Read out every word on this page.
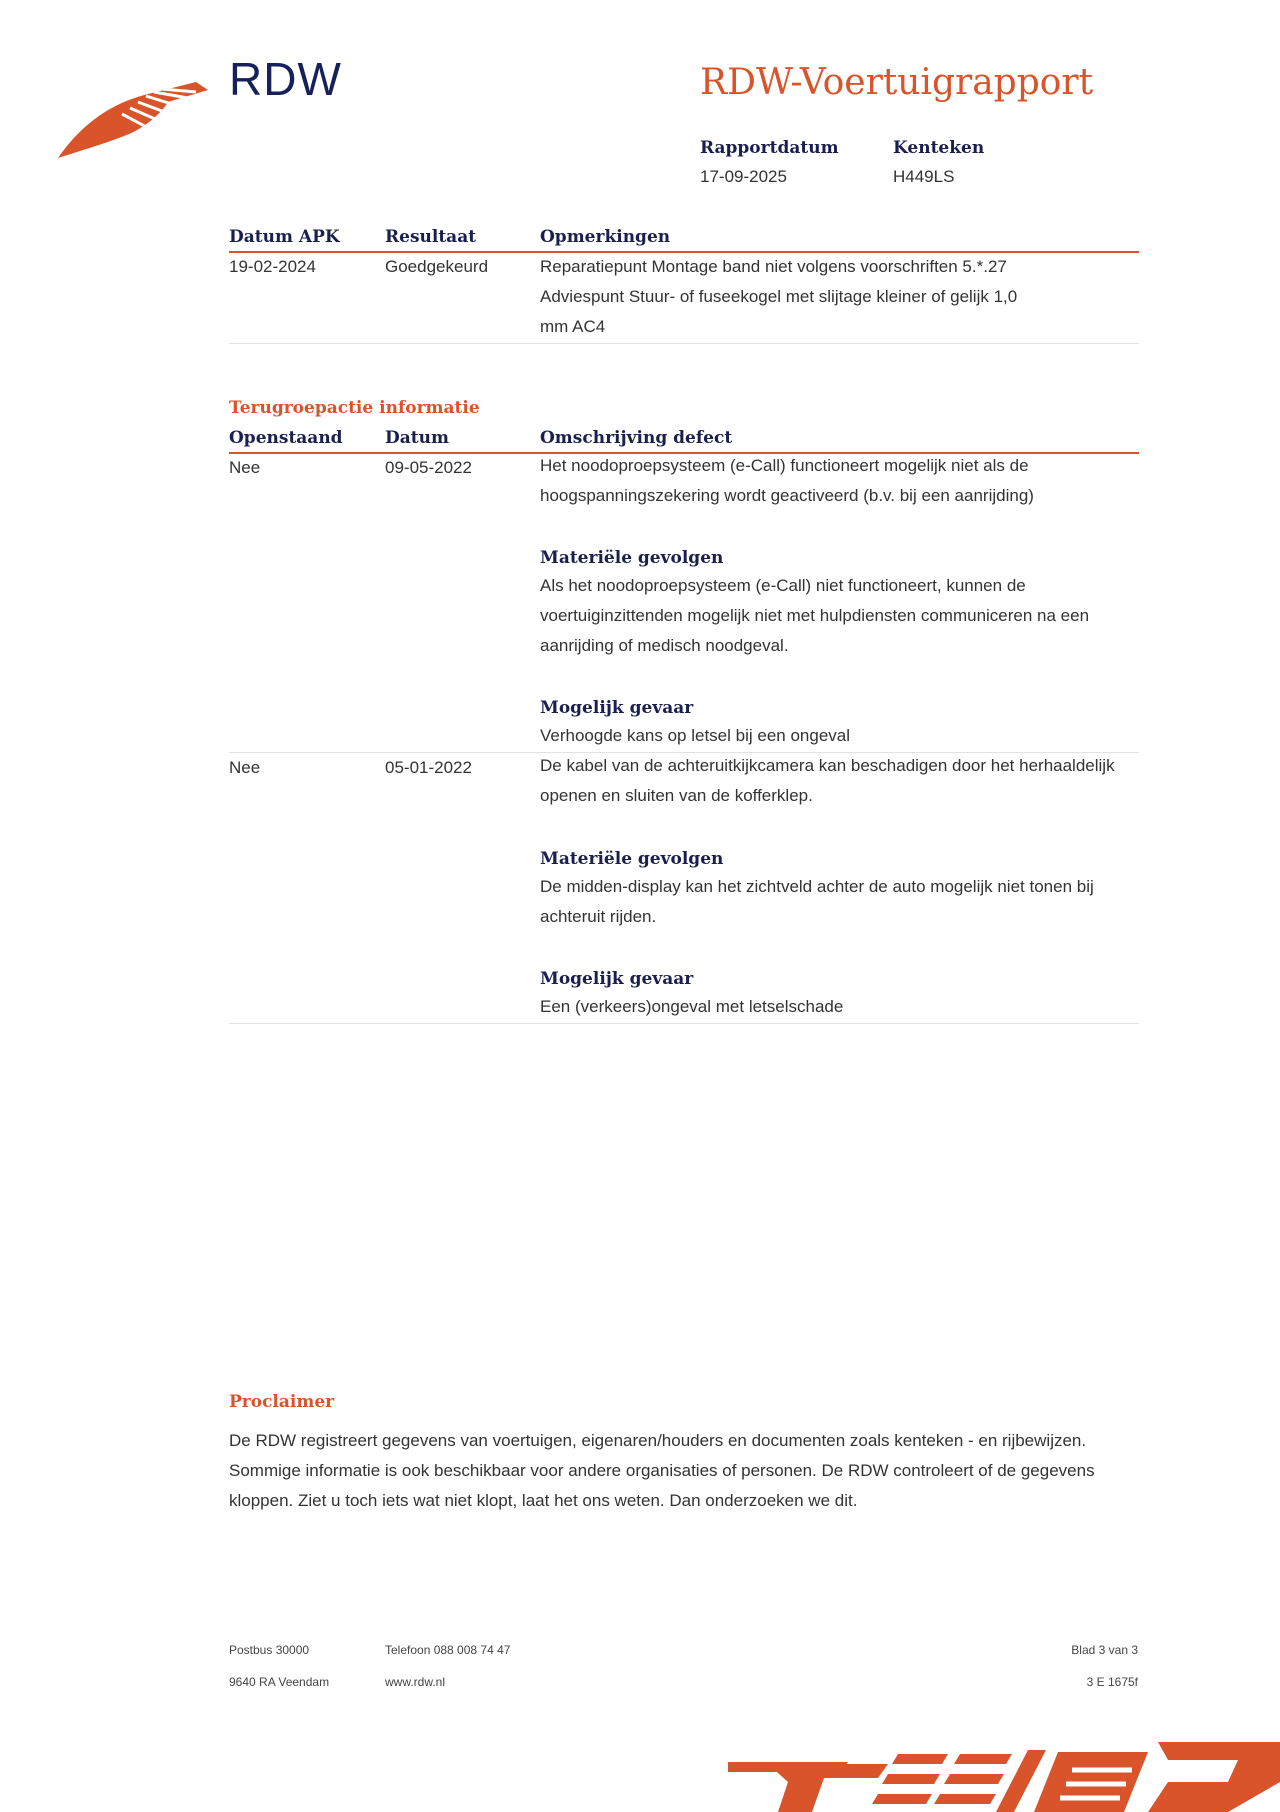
RDW	RDW-Voertuigrapport
Rapportdatum
17-09-2025
Kenteken
H449LS
Datum APK	Resultaat	Opmerkingen
19-02-2024	Goedgekeurd	Reparatiepunt Montage band niet volgens voorschriften 5.*.27
Adviespunt Stuur- of fuseekogel met slijtage kleiner of gelijk 1,0
mm AC4
Terugroepactie informatie
Openstaand Datum	Omschrijving defect
Nee	09-05-2022	Het noodoproepsysteem (e-Call) functioneert mogelijk niet als de hoogspanningszekering wordt geactiveerd (b.v. bij een aanrijding)
Materiële gevolgen
Als het noodoproepsysteem (e-Call) niet functioneert, kunnen de voertuiginzittenden mogelijk niet met hulpdiensten communiceren na een aanrijding of medisch noodgeval.
Mogelijk gevaar
Verhoogde kans op letsel bij een ongeval
Nee	05-01-2022	De kabel van de achteruitkijkcamera kan beschadigen door het herhaaldelijk openen en sluiten van de kofferklep.
Materiële gevolgen
De midden-display kan het zichtveld achter de auto mogelijk niet tonen bij achteruit rijden.
Mogelijk gevaar
Een (verkeers)ongeval met letselschade
Proclaimer
De RDW registreert gegevens van voertuigen, eigenaren/houders en documenten zoals kenteken - en rijbewijzen. Sommige informatie is ook beschikbaar voor andere organisaties of personen. De RDW controleert of de gegevens kloppen. Ziet u toch iets wat niet klopt, laat het ons weten. Dan onderzoeken we dit.
Postbus 30000
9640 RA Veendam
Telefoon 088 008 74 47
www.rdw.nl
Blad 3 van 3
3 E 1675f
